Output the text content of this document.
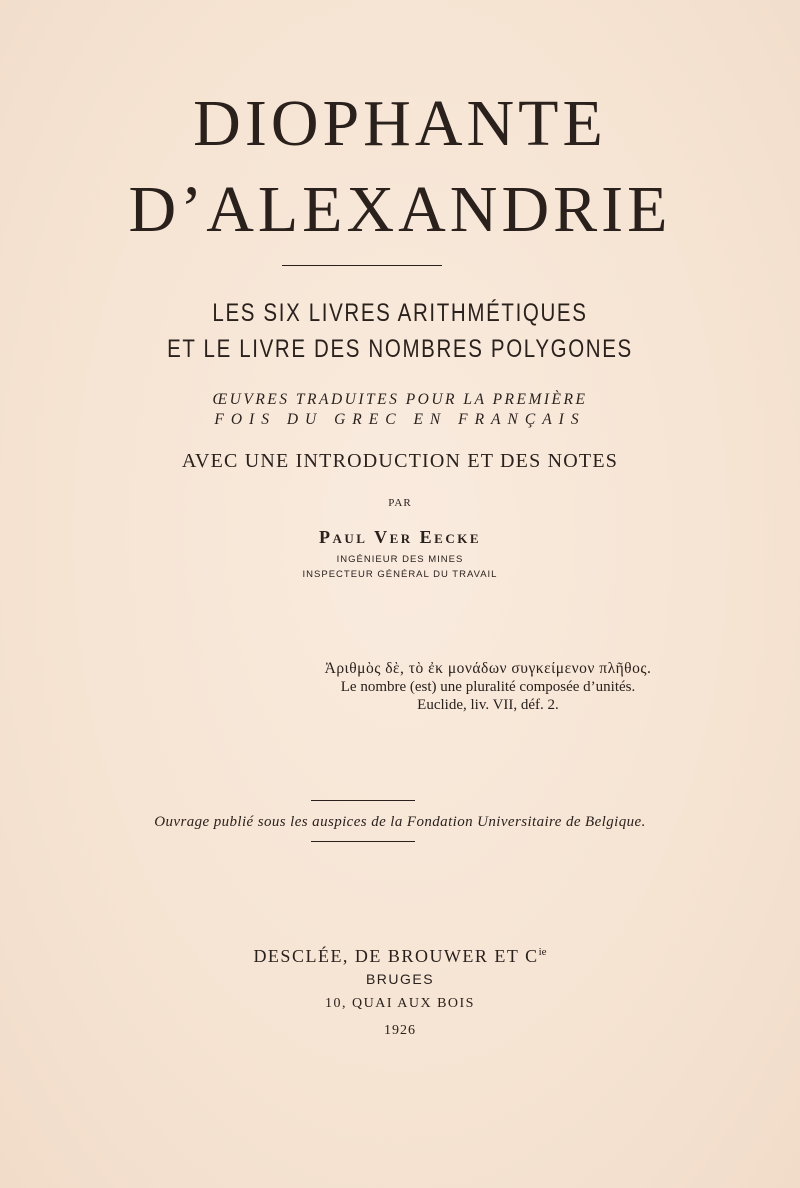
DIOPHANTE
D’ALEXANDRIE
LES SIX LIVRES ARITHMÉTIQUES
ET LE LIVRE DES NOMBRES POLYGONES
ŒUVRES TRADUITES POUR LA PREMIÈRE
FOIS DU GREC EN FRANÇAIS
AVEC UNE INTRODUCTION ET DES NOTES
PAR
Paul Ver Eecke
INGÉNIEUR DES MINES
INSPECTEUR GÉNÉRAL DU TRAVAIL
Ἀριθμὸς δὲ, τὸ ἐκ μονάδων συγκείμενον πλῆθος.
Le nombre (est) une pluralité composée d’unités.
Euclide, liv. VII, déf. 2.
Ouvrage publié sous les auspices de la Fondation Universitaire de Belgique.
DESCLÉE, DE BROUWER ET $C^{ie}$
BRUGES
10, QUAI AUX BOIS
1926
